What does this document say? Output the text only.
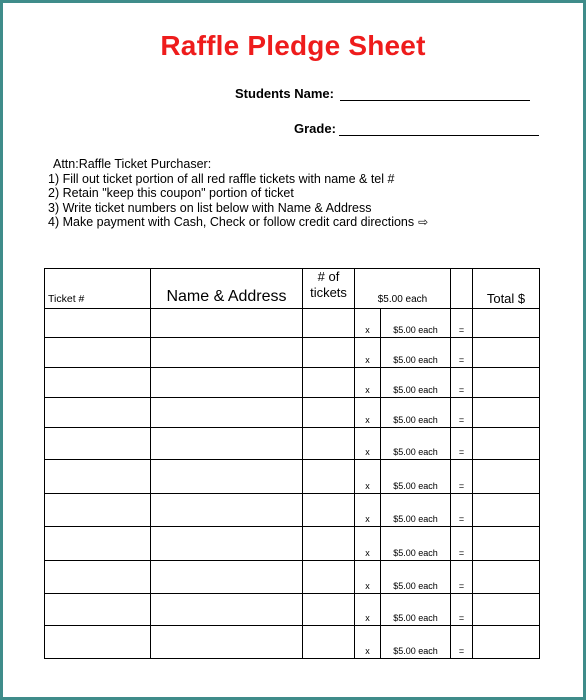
Raffle Pledge Sheet
Students Name:
Grade:
Attn:Raffle Ticket Purchaser:
1) Fill out ticket portion of all red raffle tickets with name & tel #
2) Retain "keep this coupon" portion of ticket
3) Write ticket numbers on list below with Name & Address
4) Make payment with Cash, Check or follow credit card directions ⇨
Ticket #	Name & Address	# of
tickets	$5.00 each			Total $
			x	$5.00 each	=	
			x	$5.00 each	=	
			x	$5.00 each	=	
			x	$5.00 each	=	
			x	$5.00 each	=	
			x	$5.00 each	=	
			x	$5.00 each	=	
			x	$5.00 each	=	
			x	$5.00 each	=	
			x	$5.00 each	=	
			x	$5.00 each	=	
